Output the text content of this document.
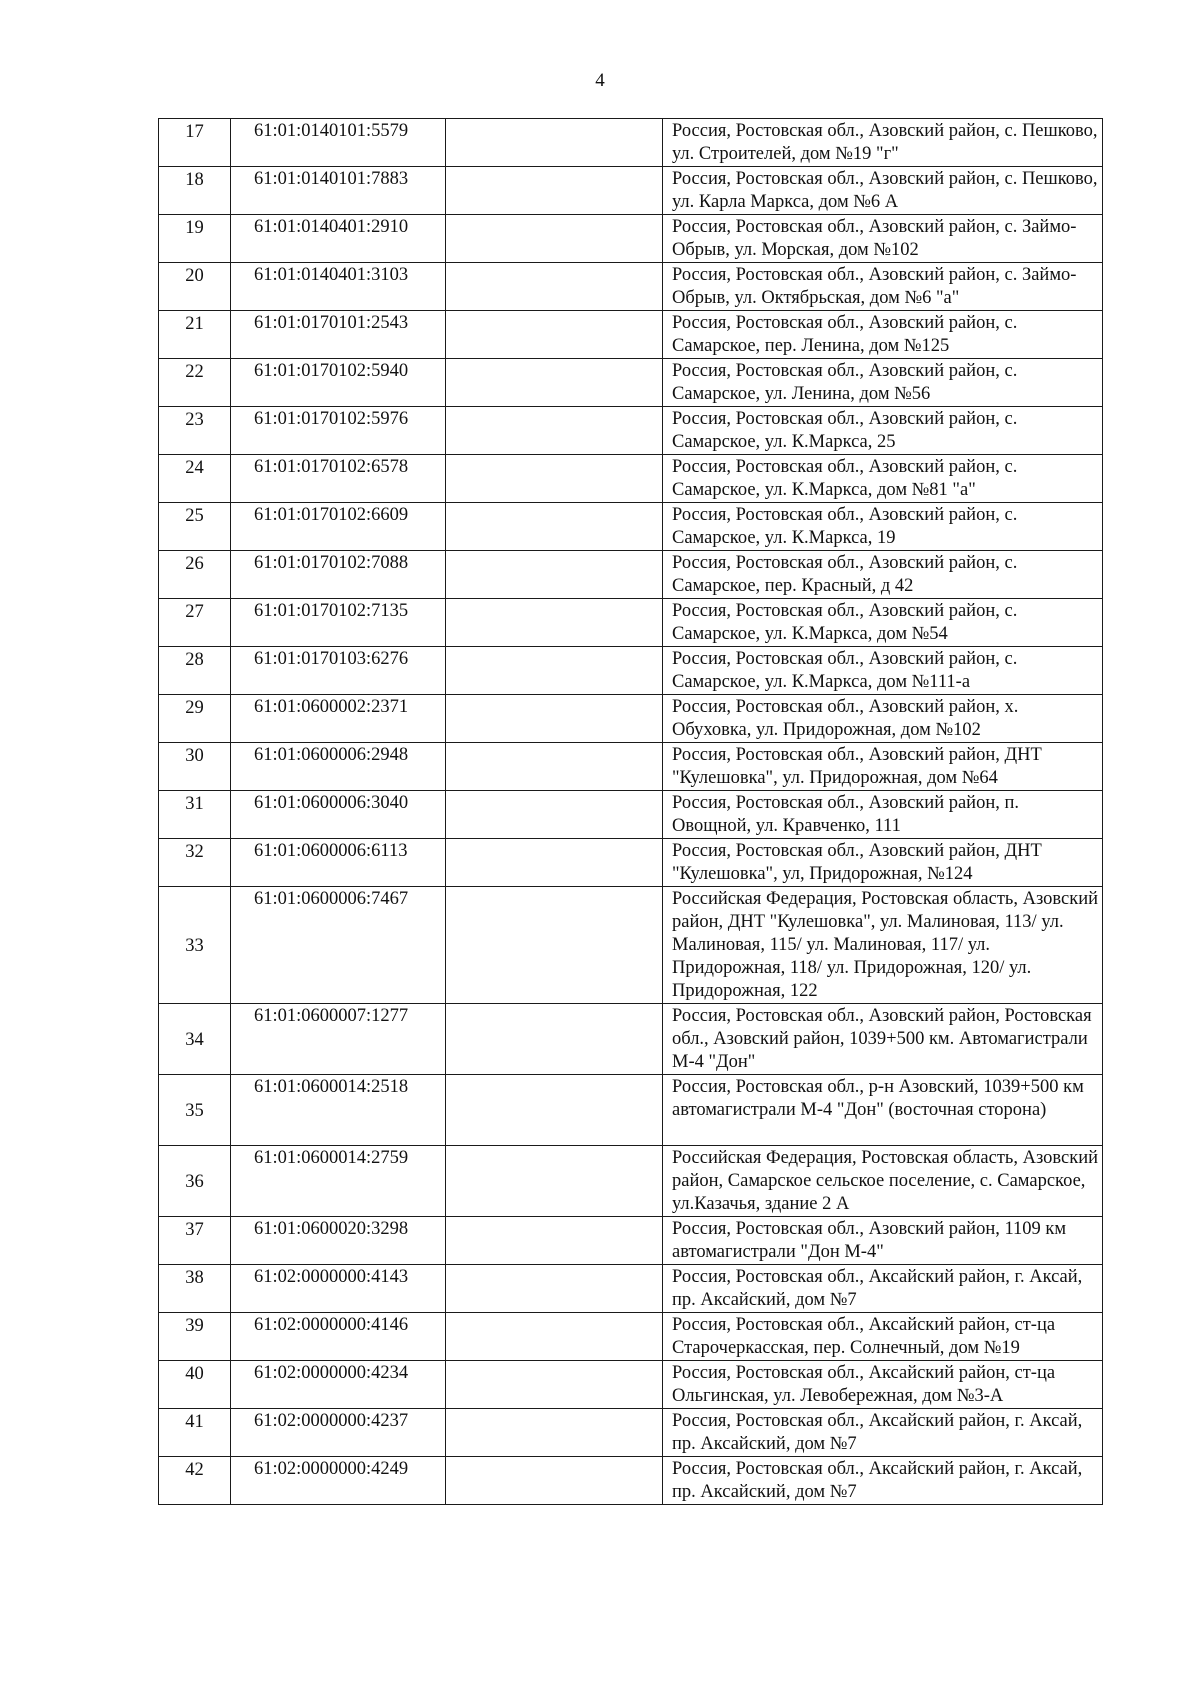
4
17	61:01:0140101:5579		Россия, Ростовская обл., Азовский район, с. Пешково, ул. Строителей, дом №19 "г"
18	61:01:0140101:7883		Россия, Ростовская обл., Азовский район, с. Пешково, ул. Карла Маркса, дом №6 А
19	61:01:0140401:2910		Россия, Ростовская обл., Азовский район, с. Займо-Обрыв, ул. Морская, дом №102
20	61:01:0140401:3103		Россия, Ростовская обл., Азовский район, с. Займо-Обрыв, ул. Октябрьская, дом №6 "а"
21	61:01:0170101:2543		Россия, Ростовская обл., Азовский район, с. Самарское, пер. Ленина, дом №125
22	61:01:0170102:5940		Россия, Ростовская обл., Азовский район, с. Самарское, ул. Ленина, дом №56
23	61:01:0170102:5976		Россия, Ростовская обл., Азовский район, с. Самарское, ул. К.Маркса, 25
24	61:01:0170102:6578		Россия, Ростовская обл., Азовский район, с. Самарское, ул. К.Маркса, дом №81 "а"
25	61:01:0170102:6609		Россия, Ростовская обл., Азовский район, с. Самарское, ул. К.Маркса, 19
26	61:01:0170102:7088		Россия, Ростовская обл., Азовский район, с. Самарское, пер. Красный, д 42
27	61:01:0170102:7135		Россия, Ростовская обл., Азовский район, с. Самарское, ул. К.Маркса, дом №54
28	61:01:0170103:6276		Россия, Ростовская обл., Азовский район, с. Самарское, ул. К.Маркса, дом №111-а
29	61:01:0600002:2371		Россия, Ростовская обл., Азовский район, х. Обуховка, ул. Придорожная, дом №102
30	61:01:0600006:2948		Россия, Ростовская обл., Азовский район, ДНТ "Кулешовка", ул. Придорожная, дом №64
31	61:01:0600006:3040		Россия, Ростовская обл., Азовский район, п. Овощной, ул. Кравченко, 111
32	61:01:0600006:6113		Россия, Ростовская обл., Азовский район, ДНТ "Кулешовка", ул, Придорожная, №124
33	61:01:0600006:7467		Российская Федерация, Ростовская область, Азовский район, ДНТ "Кулешовка", ул. Малиновая, 113/ ул. Малиновая, 115/ ул. Малиновая, 117/ ул. Придорожная, 118/ ул. Придорожная, 120/ ул. Придорожная, 122
34	61:01:0600007:1277		Россия, Ростовская обл., Азовский район, Ростовская обл., Азовский район, 1039+500 км. Автомагистрали М-4 "Дон"
35	61:01:0600014:2518		Россия, Ростовская обл., р-н Азовский, 1039+500 км автомагистрали М-4 "Дон" (восточная сторона)
36	61:01:0600014:2759		Российская Федерация, Ростовская область, Азовский район, Самарское сельское поселение, с. Самарское, ул.Казачья, здание 2 А
37	61:01:0600020:3298		Россия, Ростовская обл., Азовский район, 1109 км автомагистрали "Дон М-4"
38	61:02:0000000:4143		Россия, Ростовская обл., Аксайский район, г. Аксай, пр. Аксайский, дом №7
39	61:02:0000000:4146		Россия, Ростовская обл., Аксайский район, ст-ца Старочеркасская, пер. Солнечный, дом №19
40	61:02:0000000:4234		Россия, Ростовская обл., Аксайский район, ст-ца Ольгинская, ул. Левобережная, дом №3-А
41	61:02:0000000:4237		Россия, Ростовская обл., Аксайский район, г. Аксай, пр. Аксайский, дом №7
42	61:02:0000000:4249		Россия, Ростовская обл., Аксайский район, г. Аксай, пр. Аксайский, дом №7
